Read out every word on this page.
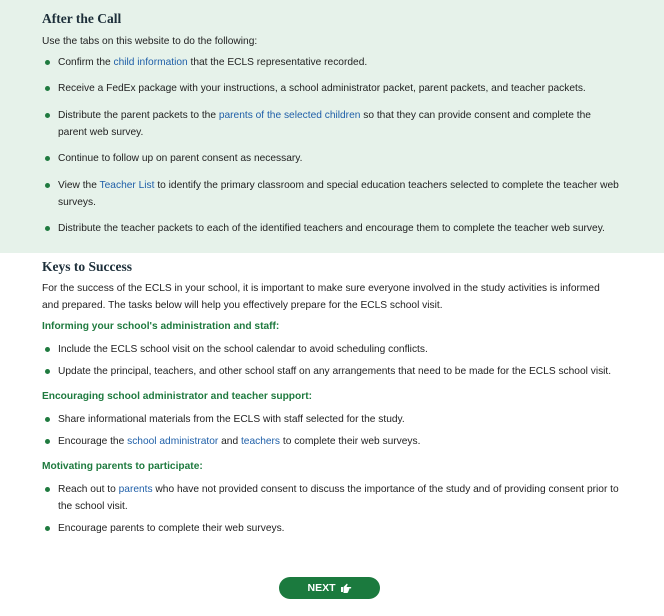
After the Call

Use the tabs on this website to do the following:

Confirm the child information that the ECLS representative recorded.
Receive a FedEx package with your instructions, a school administrator packet, parent packets, and teacher packets.
Distribute the parent packets to the parents of the selected children so that they can provide consent and complete the parent web survey.
Continue to follow up on parent consent as necessary.
View the Teacher List to identify the primary classroom and special education teachers selected to complete the teacher web surveys.
Distribute the teacher packets to each of the identified teachers and encourage them to complete the teacher web survey.
Keys to Success

For the success of the ECLS in your school, it is important to make sure everyone involved in the study activities is informed and prepared. The tasks below will help you effectively prepare for the ECLS school visit.

Informing your school's administration and staff:

Include the ECLS school visit on the school calendar to avoid scheduling conflicts.
Update the principal, teachers, and other school staff on any arrangements that need to be made for the ECLS school visit.

Encouraging school administrator and teacher support:

Share informational materials from the ECLS with staff selected for the study.
Encourage the school administrator and teachers to complete their web surveys.

Motivating parents to participate:

Reach out to parents who have not provided consent to discuss the importance of the study and of providing consent prior to the school visit.
Encourage parents to complete their web surveys.
NEXT
